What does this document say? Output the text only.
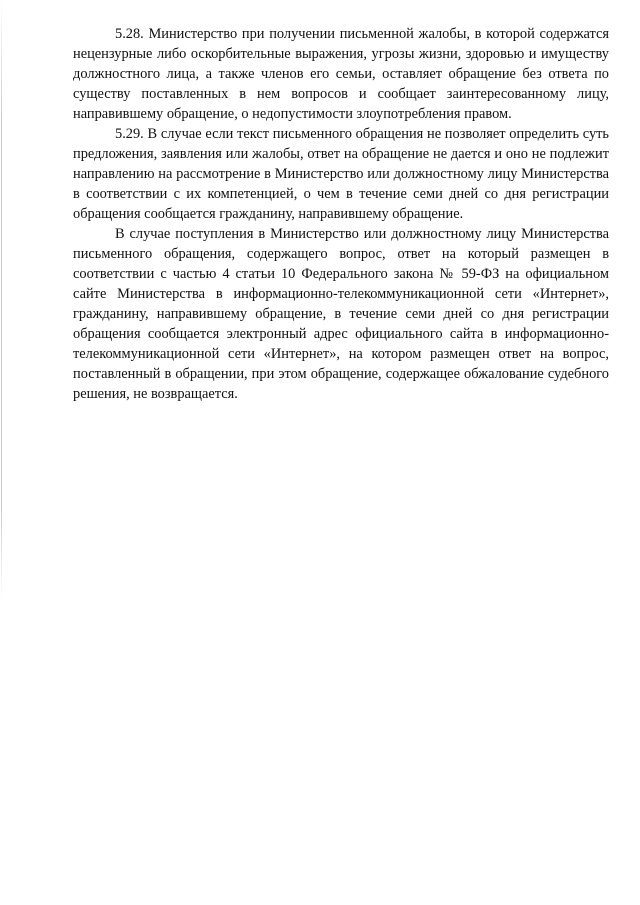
5.28. Министерство при получении письменной жалобы, в которой содержатся нецензурные либо оскорбительные выражения, угрозы жизни, здоровью и имуществу должностного лица, а также членов его семьи, оставляет обращение без ответа по существу поставленных в нем вопросов и сообщает заинтересованному лицу, направившему обращение, о недопустимости злоупотребления правом.

5.29. В случае если текст письменного обращения не позволяет определить суть предложения, заявления или жалобы, ответ на обращение не дается и оно не подлежит направлению на рассмотрение в Министерство или должностному лицу Министерства в соответствии с их компетенцией, о чем в течение семи дней со дня регистрации обращения сообщается гражданину, направившему обращение.

В случае поступления в Министерство или должностному лицу Министерства письменного обращения, содержащего вопрос, ответ на который размещен в соответствии с частью 4 статьи 10 Федерального закона № 59-ФЗ на официальном сайте Министерства в информационно-телекоммуникационной сети «Интернет», гражданину, направившему обращение, в течение семи дней со дня регистрации обращения сообщается электронный адрес официального сайта в информационно-телекоммуникационной сети «Интернет», на котором размещен ответ на вопрос, поставленный в обращении, при этом обращение, содержащее обжалование судебного решения, не возвращается.
